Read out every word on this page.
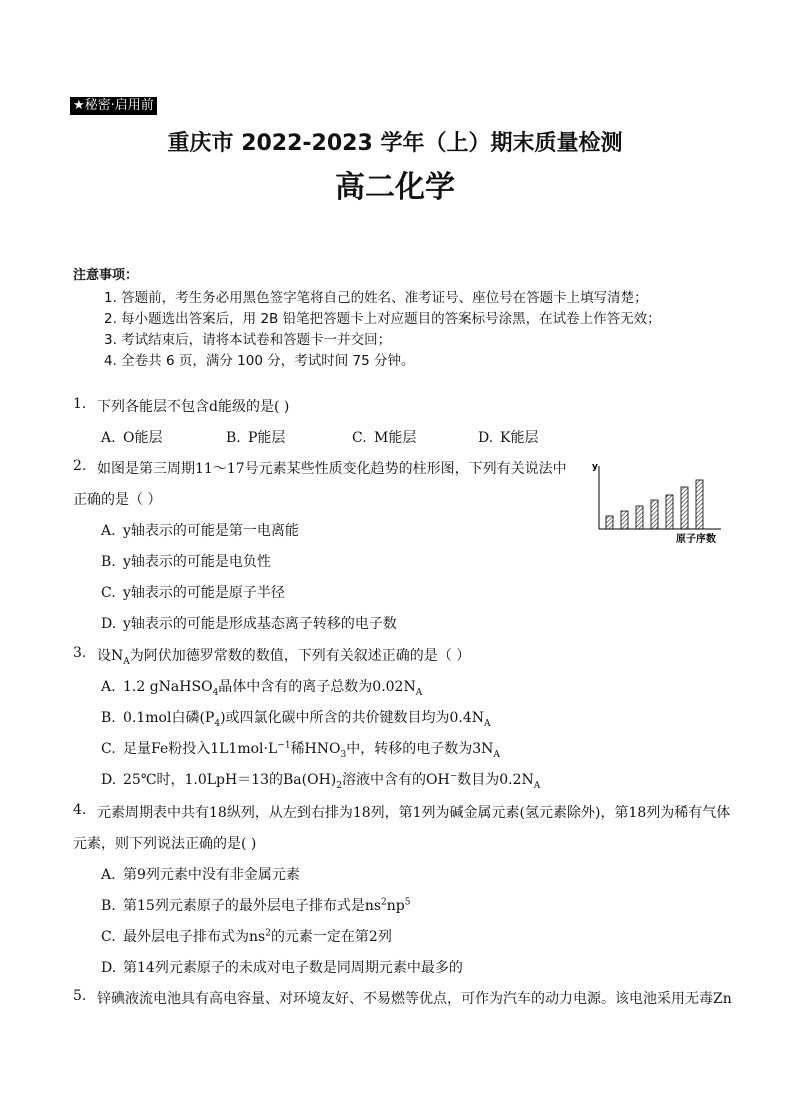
★秘密·启用前
重庆市 2022-2023 学年（上）期末质量检测
高二化学
注意事项：
1. 答题前，考生务必用黑色签字笔将自己的姓名、准考证号、座位号在答题卡上填写清楚；
2. 每小题选出答案后，用 2B 铅笔把答题卡上对应题目的答案标号涂黑，在试卷上作答无效；
3. 考试结束后，请将本试卷和答题卡一并交回；
4. 全卷共 6 页，满分 100 分，考试时间 75 分钟。
1. 下列各能层不包含d能级的是( )
A. O能层	B. P能层	C. M能层	D. K能层
2. 如图是第三周期11～17号元素某些性质变化趋势的柱形图，下列有关说法中
正确的是（ ）
A. y轴表示的可能是第一电离能
B. y轴表示的可能是电负性
C. y轴表示的可能是原子半径
D. y轴表示的可能是形成基态离子转移的电子数
y
原子序数
3. 设$N_A$为阿伏加德罗常数的数值，下列有关叙述正确的是（ ）
A. 1.2 gNaHSO$_4$晶体中含有的离子总数为$0.02N_A$
B. 0.1mol白磷$(P_4)$或四氯化碳中所含的共价键数目均为$0.4N_A$
C. 足量Fe粉投入$1L1mol\cdot L^{-1}$稀$HNO_3$中，转移的电子数为$3N_A$
D. 25℃时，1.0LpH＝13的$Ba(OH)_2$溶液中含有的OH−数目为$0.2N_A$
4. 元素周期表中共有18纵列，从左到右排为18列，第1列为碱金属元素(氢元素除外)，第18列为稀有气体
元素，则下列说法正确的是( )
A. 第9列元素中没有非金属元素
B. 第15列元素原子的最外层电子排布式是$ns^2np^5$
C. 最外层电子排布式为$ns^2$的元素一定在第2列
D. 第14列元素原子的未成对电子数是同周期元素中最多的
5. 锌碘液流电池具有高电容量、对环境友好、不易燃等优点，可作为汽车的动力电源。该电池采用无毒Zn
